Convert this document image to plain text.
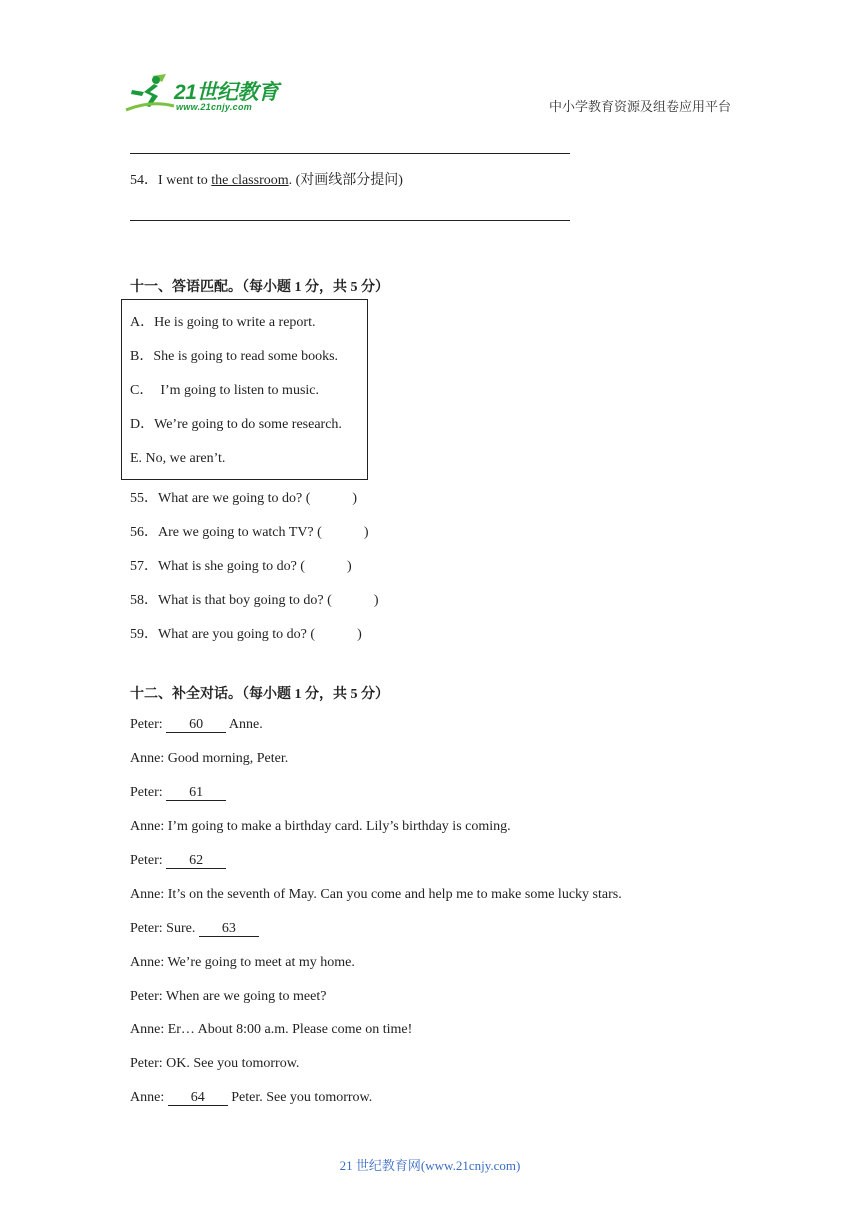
21世纪教育
www.21cnjy.com	中小学教育资源及组卷应用平台
54．I went to the classroom. (对画线部分提问)
十一、答语匹配。（每小题 1 分，共 5 分）
A．He is going to write a report.
B．She is going to read some books.
C．　I’m going to listen to music.
D．We’re going to do some research.
E. No, we aren’t.
55．What are we going to do? (	)
56．Are we going to watch TV? (	)
57．What is she going to do? (	)
58．What is that boy going to do? (	)
59．What are you going to do? (	)
十二、补全对话。（每小题 1 分，共 5 分）
Peter: 60 Anne.
Anne: Good morning, Peter.
Peter: 61
Anne: I’m going to make a birthday card. Lily’s birthday is coming.
Peter: 62
Anne: It’s on the seventh of May. Can you come and help me to make some lucky stars.
Peter: Sure. 63
Anne: We’re going to meet at my home.
Peter: When are we going to meet?
Anne: Er… About 8:00 a.m. Please come on time!
Peter: OK. See you tomorrow.
Anne: 64 Peter. See you tomorrow.
21 世纪教育网(www.21cnjy.com)
